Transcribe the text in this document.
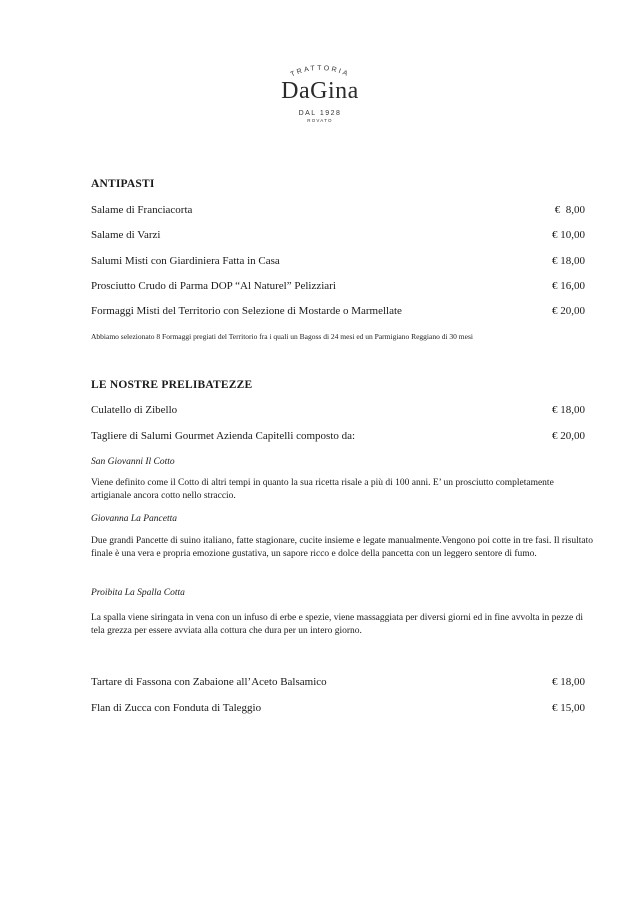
TRATTORIA
DaGina
DAL 1928
ROVATO
ANTIPASTI
Salame di Franciacorta	€  8,00
Salame di Varzi	€ 10,00
Salumi Misti con Giardiniera Fatta in Casa	€ 18,00
Prosciutto Crudo di Parma DOP “Al Naturel” Pelizziari	€ 16,00
Formaggi Misti del Territorio con Selezione di Mostarde o Marmellate	€ 20,00
Abbiamo selezionato 8 Formaggi pregiati del Territorio fra i quali un Bagoss di 24 mesi ed un Parmigiano Reggiano di 30 mesi
LE NOSTRE PRELIBATEZZE
Culatello di Zibello	€ 18,00
Tagliere di Salumi Gourmet Azienda Capitelli composto da:	€ 20,00
San Giovanni Il Cotto

Viene definito come il Cotto di altri tempi in quanto la sua ricetta risale a più di 100 anni. E’ un prosciutto completamente artigianale ancora cotto nello straccio.

Giovanna La Pancetta

Due grandi Pancette di suino italiano, fatte stagionare, cucite insieme e legate manualmente.Vengono poi cotte in tre fasi. Il risultato finale è una vera e propria emozione gustativa, un sapore ricco e dolce della pancetta con un leggero sentore di fumo.

Proibita La Spalla Cotta

La spalla viene siringata in vena con un infuso di erbe e spezie, viene massaggiata per diversi giorni ed in fine avvolta in pezze di tela grezza per essere avviata alla cottura che dura per un intero giorno.

Tartare di Fassona con Zabaione all’Aceto Balsamico	€ 18,00
Flan di Zucca con Fonduta di Taleggio	€ 15,00
